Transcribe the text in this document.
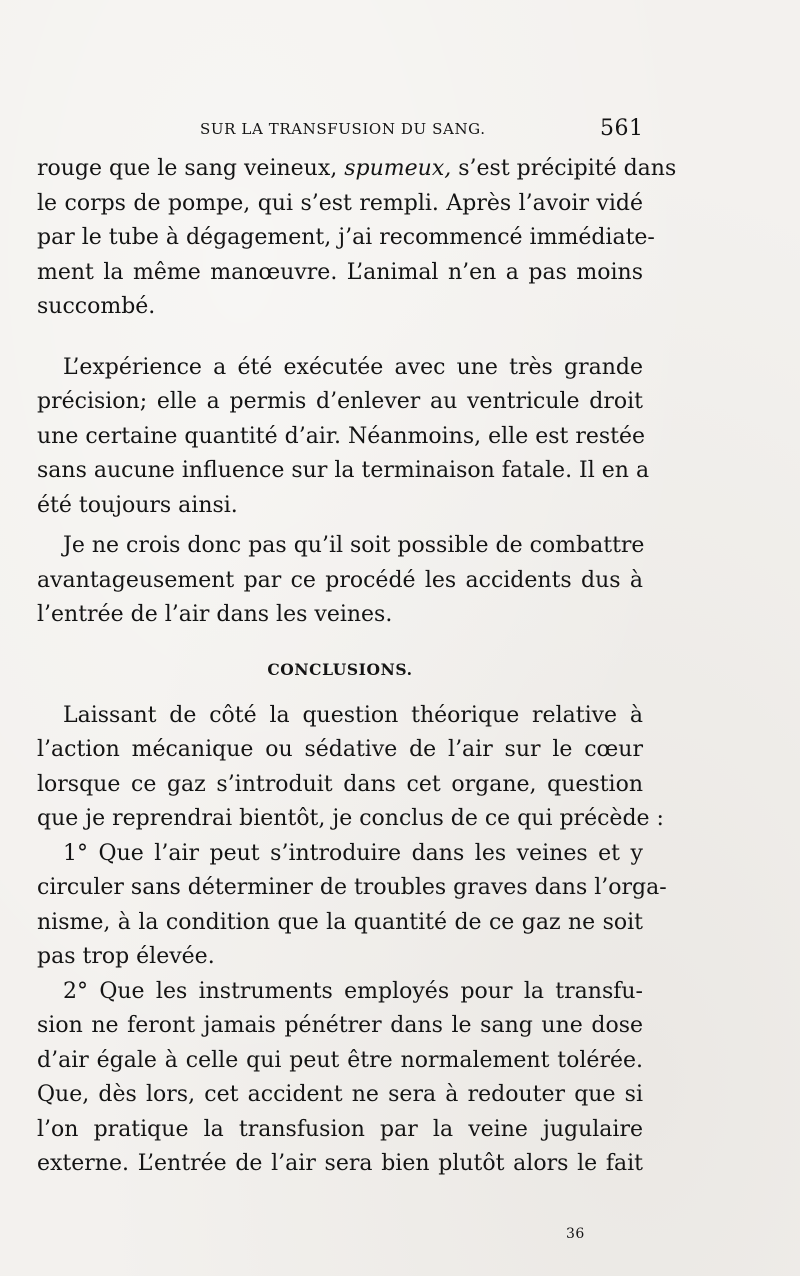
SUR LA TRANSFUSION DU SANG.	561
rouge que le sang veineux, spumeux, s’est précipité dans
le corps de pompe, qui s’est rempli. Après l’avoir vidé
par le tube à dégagement, j’ai recommencé immédiate-
ment la même manœuvre. L’animal n’en a pas moins
succombé.
L’expérience a été exécutée avec une très grande
précision; elle a permis d’enlever au ventricule droit
une certaine quantité d’air. Néanmoins, elle est restée
sans aucune influence sur la terminaison fatale. Il en a
été toujours ainsi.
Je ne crois donc pas qu’il soit possible de combattre
avantageusement par ce procédé les accidents dus à
l’entrée de l’air dans les veines.
CONCLUSIONS.
Laissant de côté la question théorique relative à
l’action mécanique ou sédative de l’air sur le cœur
lorsque ce gaz s’introduit dans cet organe, question
que je reprendrai bientôt, je conclus de ce qui précède :
1° Que l’air peut s’introduire dans les veines et y
circuler sans déterminer de troubles graves dans l’orga-
nisme, à la condition que la quantité de ce gaz ne soit
pas trop élevée.
2° Que les instruments employés pour la transfu-
sion ne feront jamais pénétrer dans le sang une dose
d’air égale à celle qui peut être normalement tolérée.
Que, dès lors, cet accident ne sera à redouter que si
l’on pratique la transfusion par la veine jugulaire
externe. L’entrée de l’air sera bien plutôt alors le fait
36
